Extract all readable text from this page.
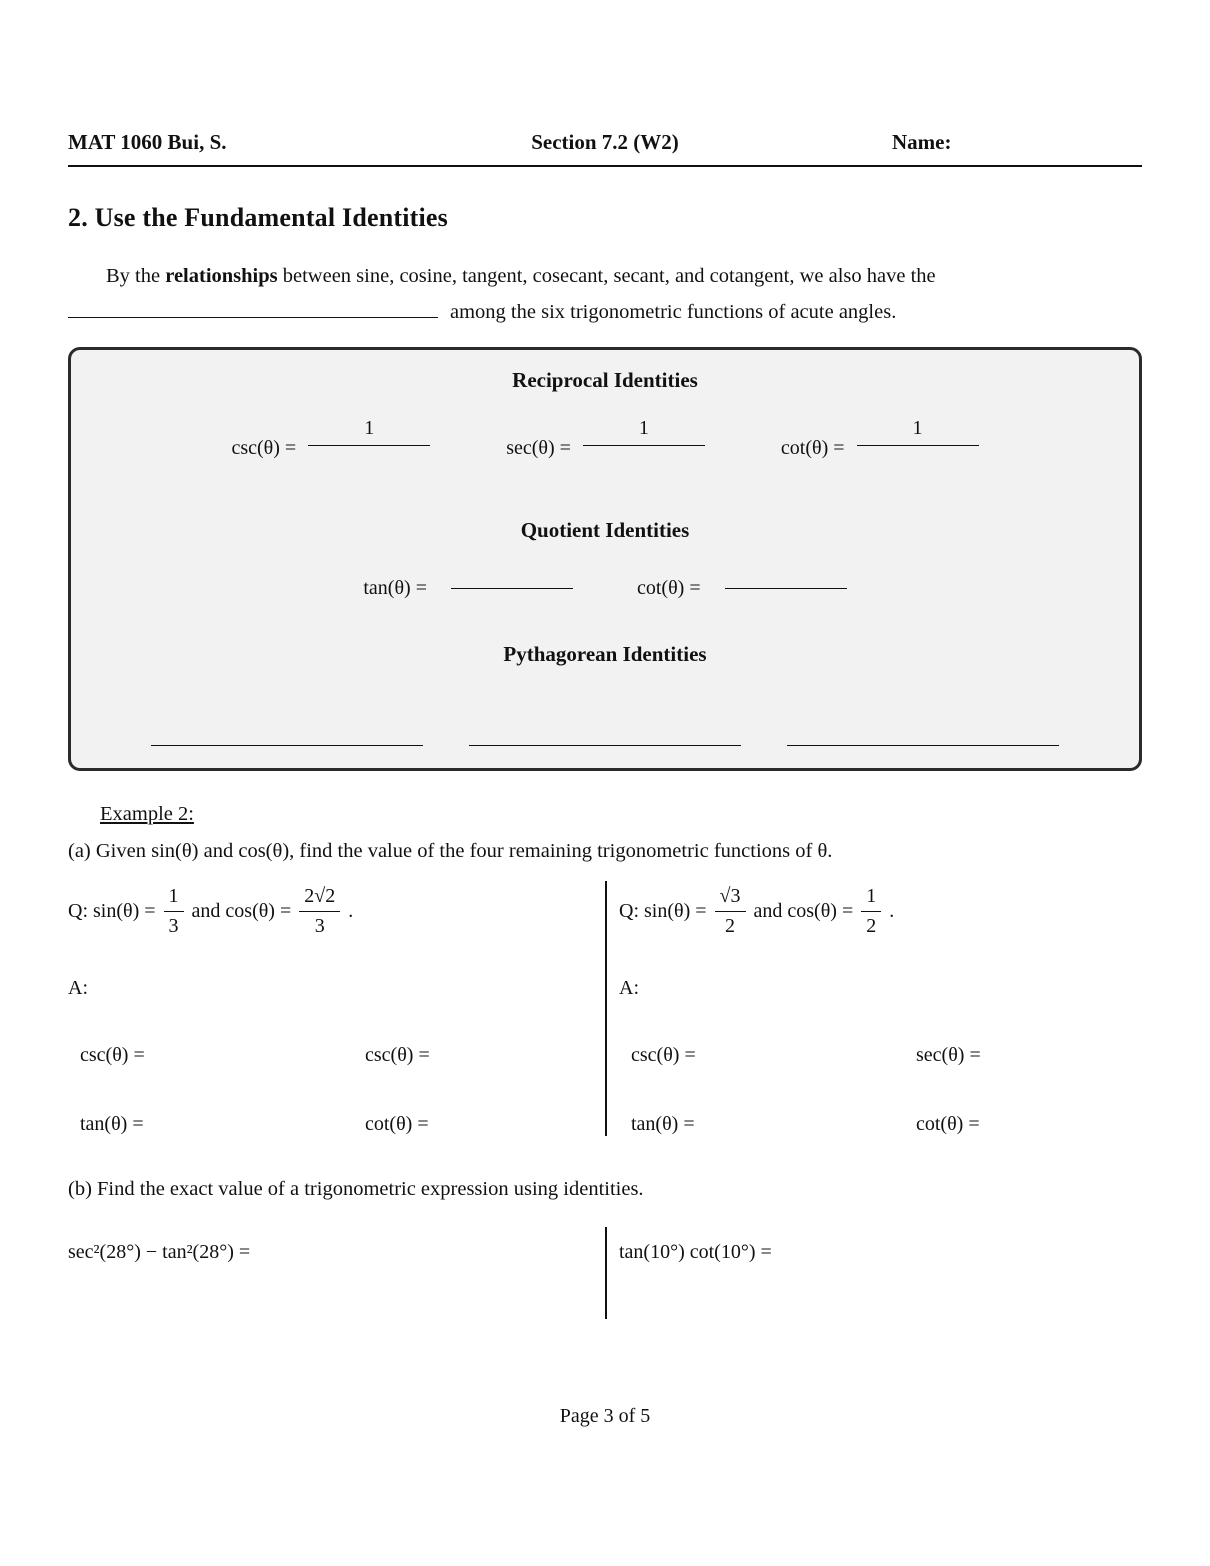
MAT 1060 Bui, S.	Section 7.2 (W2)	Name:
2. Use the Fundamental Identities
By the relationships between sine, cosine, tangent, cosecant, secant, and cotangent, we also have the
among the six trigonometric functions of acute angles.
Reciprocal Identities
csc(θ) =
1
sec(θ) =
1
cot(θ) =
1
Quotient Identities
tan(θ) =	cot(θ) =
Pythagorean Identities
Example 2:
(a) Given sin(θ) and cos(θ), find the value of the four remaining trigonometric functions of θ.
Q: $\sin(\theta) = \frac{1}{3}$ and $\cos(\theta) = \frac{2√2}{3}$ .
A:
csc(θ) =	csc(θ) =
tan(θ) =	cot(θ) =
Q: $\sin(\theta) = \frac{√3}{2}$ and $\cos(\theta) = \frac{1}{2}$ .
A:
csc(θ) =	sec(θ) =
tan(θ) =	cot(θ) =
(b) Find the exact value of a trigonometric expression using identities.
sec²(28°) − tan²(28°) =	tan(10°) cot(10°) =
Page 3 of 5
